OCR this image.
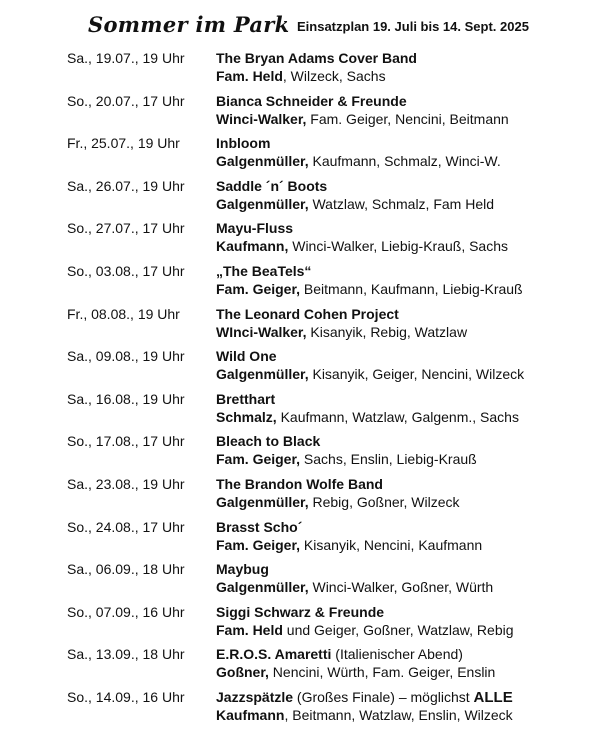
Sommer im Park Einsatzplan 19. Juli bis 14. Sept. 2025
Sa., 19.07., 19 Uhr The Bryan Adams Cover Band
Fam. Held, Wilzeck, Sachs
So., 20.07., 17 Uhr Bianca Schneider & Freunde
Winci-Walker, Fam. Geiger, Nencini, Beitmann
Fr., 25.07., 19 Uhr	Inbloom
Galgenmüller, Kaufmann, Schmalz, Winci-W.
Sa., 26.07., 19 Uhr Saddle ´n´ Boots
Galgenmüller, Watzlaw, Schmalz, Fam Held
So., 27.07., 17 Uhr Mayu-Fluss
Kaufmann, Winci-Walker, Liebig-Krauß, Sachs
So., 03.08., 17 Uhr „The BeaTels“
Fam. Geiger, Beitmann, Kaufmann, Liebig-Krauß
Fr., 08.08., 19 Uhr	The Leonard Cohen Project
WInci-Walker, Kisanyik, Rebig, Watzlaw
Sa., 09.08., 19 Uhr Wild One
Galgenmüller, Kisanyik, Geiger, Nencini, Wilzeck
Sa., 16.08., 19 Uhr Bretthart
Schmalz, Kaufmann, Watzlaw, Galgenm., Sachs
So., 17.08., 17 Uhr Bleach to Black
Fam. Geiger, Sachs, Enslin, Liebig-Krauß
Sa., 23.08., 19 Uhr The Brandon Wolfe Band
Galgenmüller, Rebig, Goßner, Wilzeck
So., 24.08., 17 Uhr Brasst Scho´
Fam. Geiger, Kisanyik, Nencini, Kaufmann
Sa., 06.09., 18 Uhr Maybug
Galgenmüller, Winci-Walker, Goßner, Würth
So., 07.09., 16 Uhr Siggi Schwarz & Freunde
Fam. Held und Geiger, Goßner, Watzlaw, Rebig
Sa., 13.09., 18 Uhr E.R.O.S. Amaretti (Italienischer Abend)
Goßner, Nencini, Würth, Fam. Geiger, Enslin
So., 14.09., 16 Uhr Jazzspätzle (Großes Finale) – möglichst ALLE
Kaufmann, Beitmann, Watzlaw, Enslin, Wilzeck
